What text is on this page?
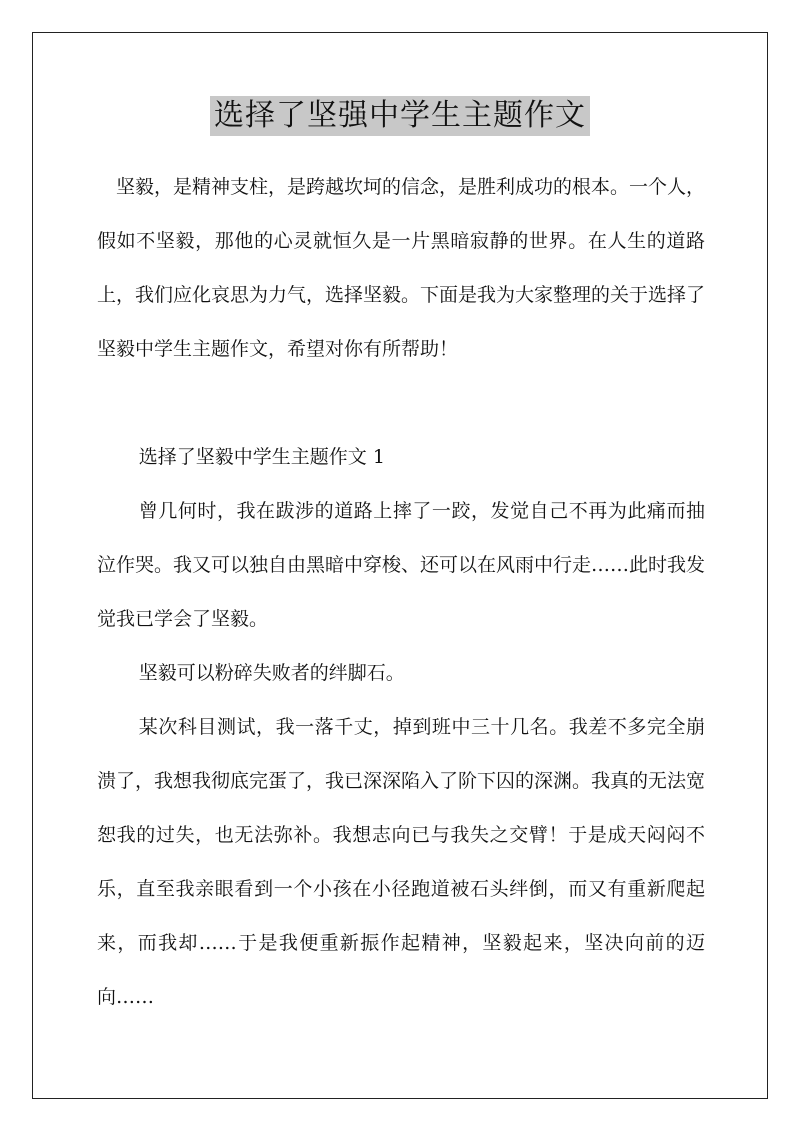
选择了坚强中学生主题作文

坚毅，是精神支柱，是跨越坎坷的信念，是胜利成功的根本。一个人，假如不坚毅，那他的心灵就恒久是一片黑暗寂静的世界。在人生的道路上，我们应化哀思为力气，选择坚毅。下面是我为大家整理的关于选择了坚毅中学生主题作文，希望对你有所帮助！

选择了坚毅中学生主题作文 1

曾几何时，我在跋涉的道路上摔了一跤，发觉自己不再为此痛而抽泣作哭。我又可以独自由黑暗中穿梭、还可以在风雨中行走……此时我发觉我已学会了坚毅。

坚毅可以粉碎失败者的绊脚石。

某次科目测试，我一落千丈，掉到班中三十几名。我差不多完全崩溃了，我想我彻底完蛋了，我已深深陷入了阶下囚的深渊。我真的无法宽恕我的过失，也无法弥补。我想志向已与我失之交臂！于是成天闷闷不乐，直至我亲眼看到一个小孩在小径跑道被石头绊倒，而又有重新爬起来，而我却……于是我便重新振作起精神，坚毅起来，坚决向前的迈向……
